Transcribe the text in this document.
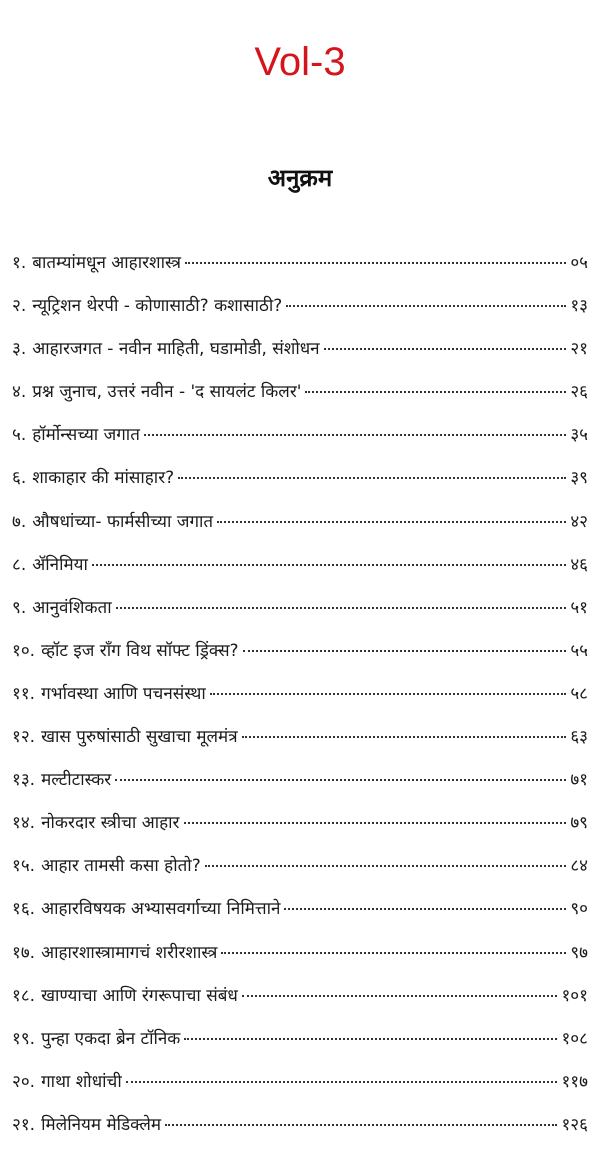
Vol-3
अनुक्रम
१. बातम्यांमधून आहारशास्त्र	०५
२. न्यूट्रिशन थेरपी - कोणासाठी? कशासाठी?	१३
३. आहारजगत - नवीन माहिती, घडामोडी, संशोधन	२१
४. प्रश्न जुनाच, उत्तरं नवीन - 'द सायलंट किलर'	२६
५. हॉर्मोन्सच्या जगात	३५
६. शाकाहार की मांसाहार?	३९
७. औषधांच्या- फार्मसीच्या जगात	४२
८. ॲनिमिया	४६
९. आनुवंशिकता	५१
१०. व्हॉट इज रॉंग विथ सॉफ्ट ड्रिंक्स?	५५
११. गर्भावस्था आणि पचनसंस्था	५८
१२. खास पुरुषांसाठी सुखाचा मूलमंत्र	६३
१३. मल्टीटास्कर	७१
१४. नोकरदार स्त्रीचा आहार	७९
१५. आहार तामसी कसा होतो?	८४
१६. आहारविषयक अभ्यासवर्गाच्या निमित्ताने	९०
१७. आहारशास्त्रामागचं शरीरशास्त्र	९७
१८. खाण्याचा आणि रंगरूपाचा संबंध	१०१
१९. पुन्हा एकदा ब्रेन टॉनिक	१०८
२०. गाथा शोधांची	११७
२१. मिलेनियम मेडिक्लेम	१२६
